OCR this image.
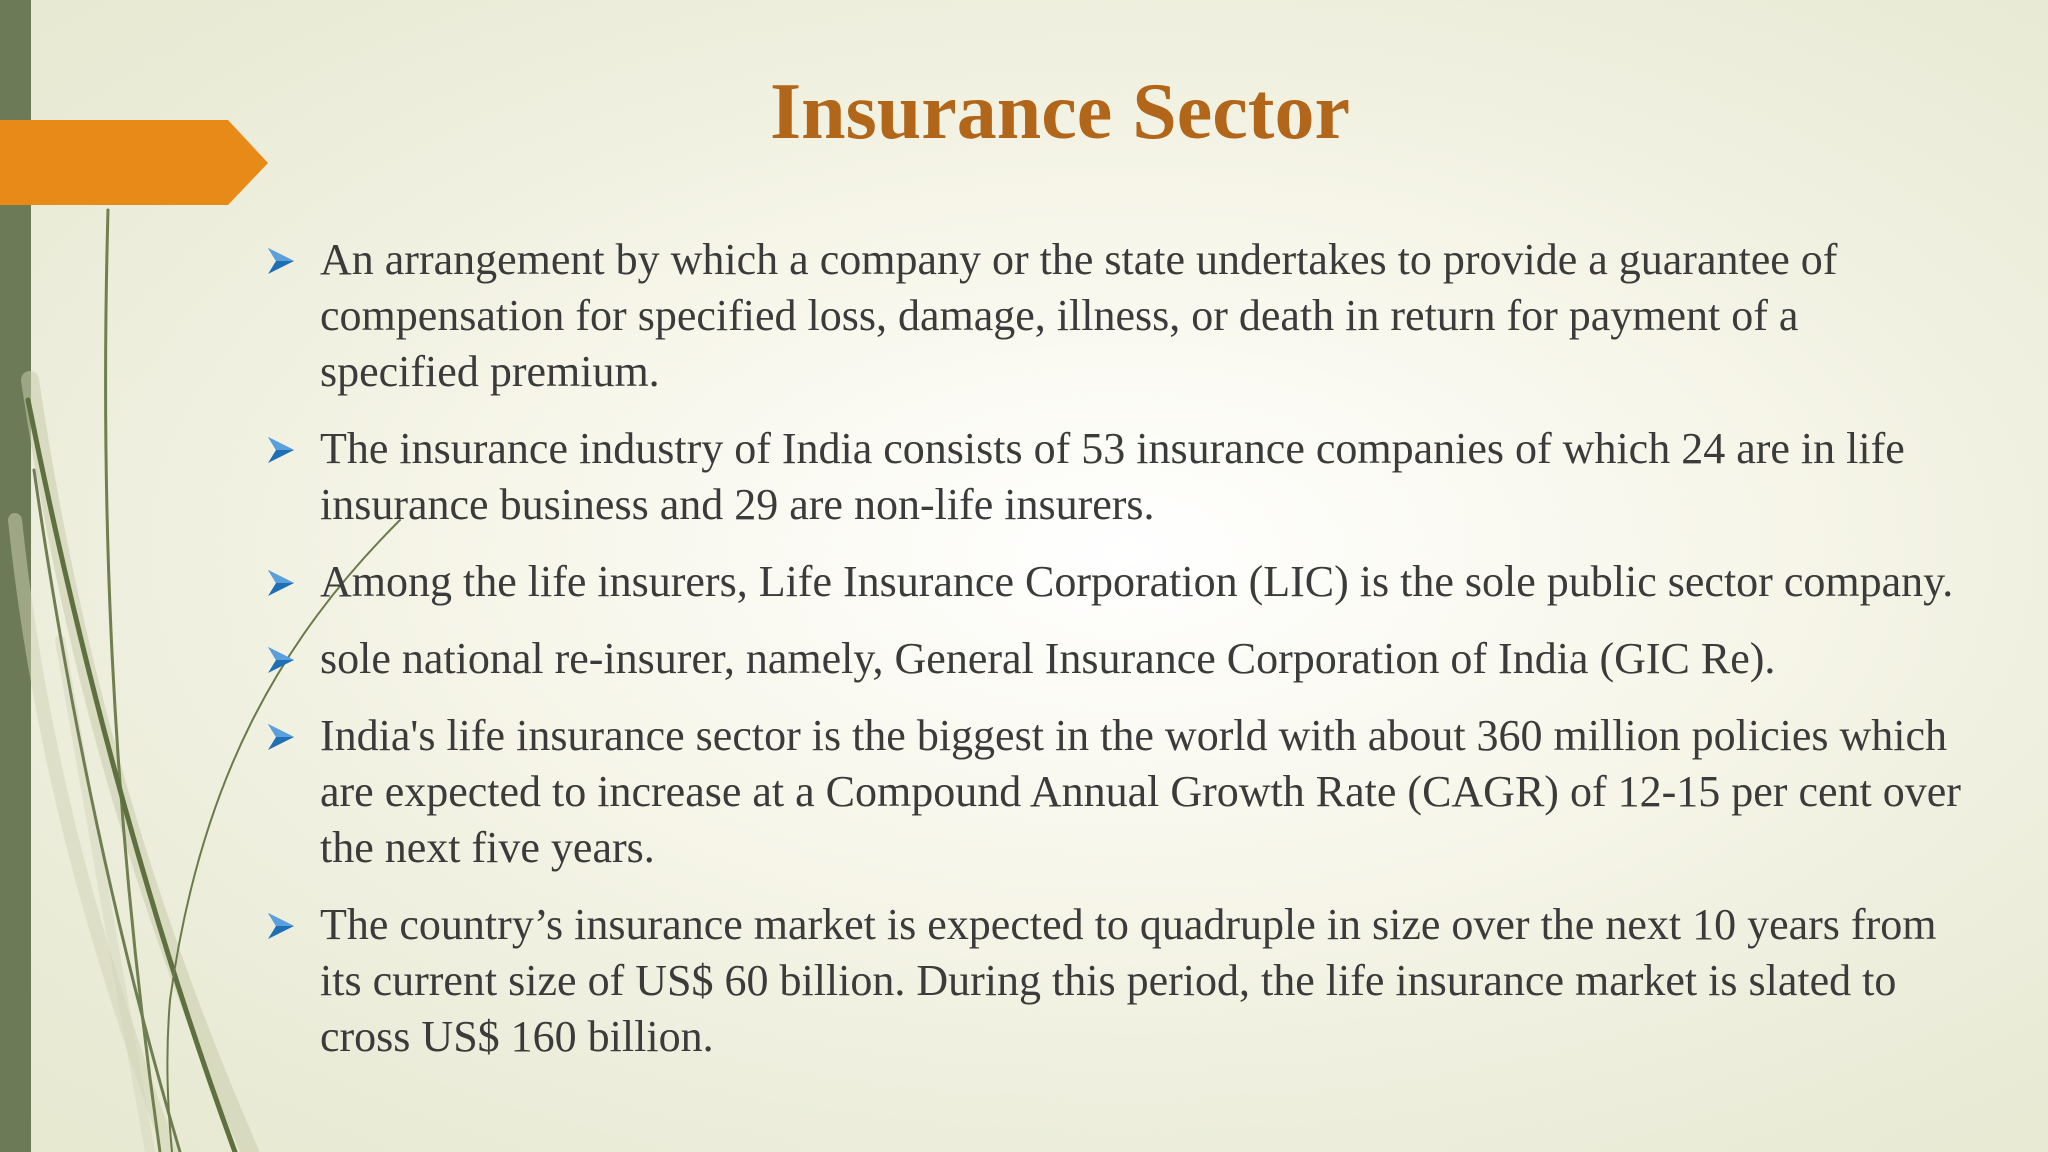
Insurance Sector
An arrangement by which a company or the state undertakes to provide a guarantee of compensation for specified loss, damage, illness, or death in return for payment of a specified premium.
The insurance industry of India consists of 53 insurance companies of which 24 are in life insurance business and 29 are non-life insurers.
Among the life insurers, Life Insurance Corporation (LIC) is the sole public sector company.
sole national re-insurer, namely, General Insurance Corporation of India (GIC Re).
India's life insurance sector is the biggest in the world with about 360 million policies which are expected to increase at a Compound Annual Growth Rate (CAGR) of 12-15 per cent over the next five years.
The country’s insurance market is expected to quadruple in size over the next 10 years from its current size of US$ 60 billion. During this period, the life insurance market is slated to cross US$ 160 billion.
